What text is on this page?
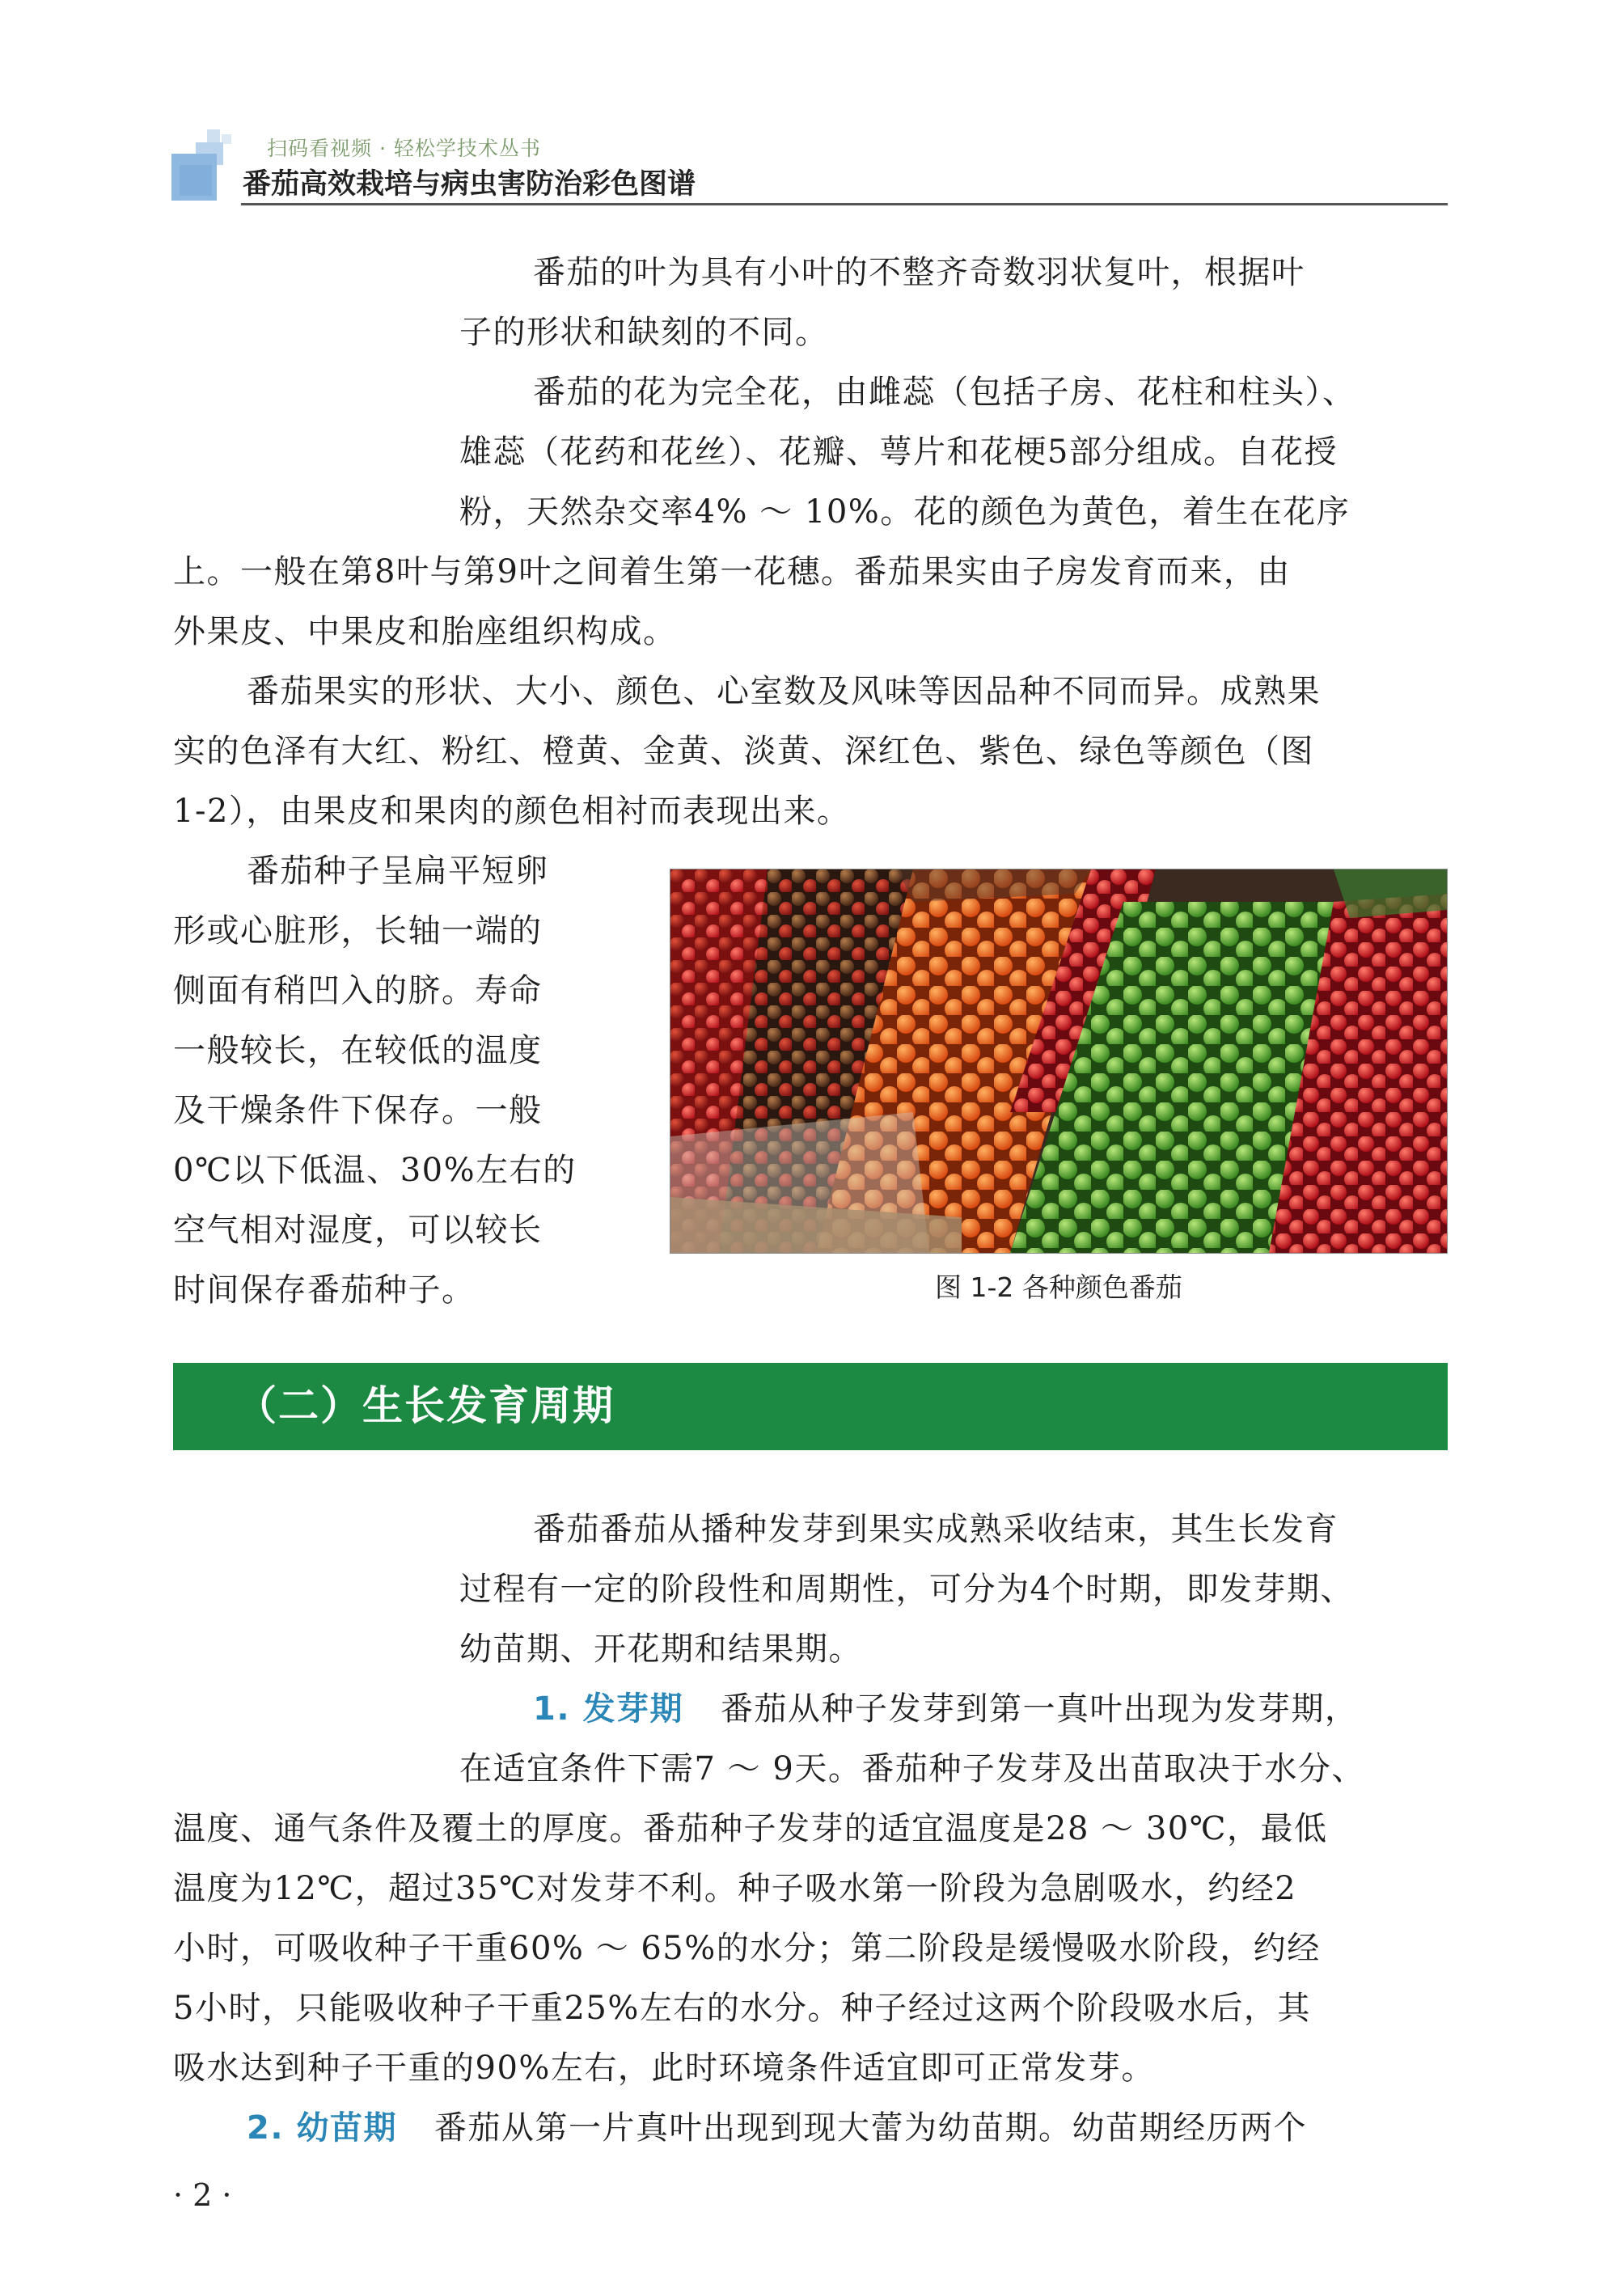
扫码看视频 · 轻松学技术丛书
番茄高效栽培与病虫害防治彩色图谱

番茄的叶为具有小叶的不整齐奇数羽状复叶，根据叶
子的形状和缺刻的不同。

番茄的花为完全花，由雌蕊（包括子房、花柱和柱头）、
雄蕊（花药和花丝）、花瓣、萼片和花梗5部分组成。自花授
粉，天然杂交率4% ～ 10%。花的颜色为黄色，着生在花序
上。一般在第8叶与第9叶之间着生第一花穗。番茄果实由子房发育而来，由
外果皮、中果皮和胎座组织构成。

番茄果实的形状、大小、颜色、心室数及风味等因品种不同而异。成熟果
实的色泽有大红、粉红、橙黄、金黄、淡黄、深红色、紫色、绿色等颜色（图
1-2），由果皮和果肉的颜色相衬而表现出来。

番茄种子呈扁平短卵
形或心脏形，长轴一端的
侧面有稍凹入的脐。寿命
一般较长，在较低的温度
及干燥条件下保存。一般
0℃以下低温、30%左右的
空气相对湿度，可以较长
时间保存番茄种子。	图 1-2 各种颜色番茄
（二）生长发育周期

番茄番茄从播种发芽到果实成熟采收结束，其生长发育
过程有一定的阶段性和周期性，可分为4个时期，即发芽期、
幼苗期、开花期和结果期。

1. 发芽期 番茄从种子发芽到第一真叶出现为发芽期，
在适宜条件下需7 ～ 9天。番茄种子发芽及出苗取决于水分、
温度、通气条件及覆土的厚度。番茄种子发芽的适宜温度是28 ～ 30℃，最低
温度为12℃，超过35℃对发芽不利。种子吸水第一阶段为急剧吸水，约经2
小时，可吸收种子干重60% ～ 65%的水分；第二阶段是缓慢吸水阶段，约经
5小时，只能吸收种子干重25%左右的水分。种子经过这两个阶段吸水后，其
吸水达到种子干重的90%左右，此时环境条件适宜即可正常发芽。

2. 幼苗期 番茄从第一片真叶出现到现大蕾为幼苗期。幼苗期经历两个

· 2 ·
